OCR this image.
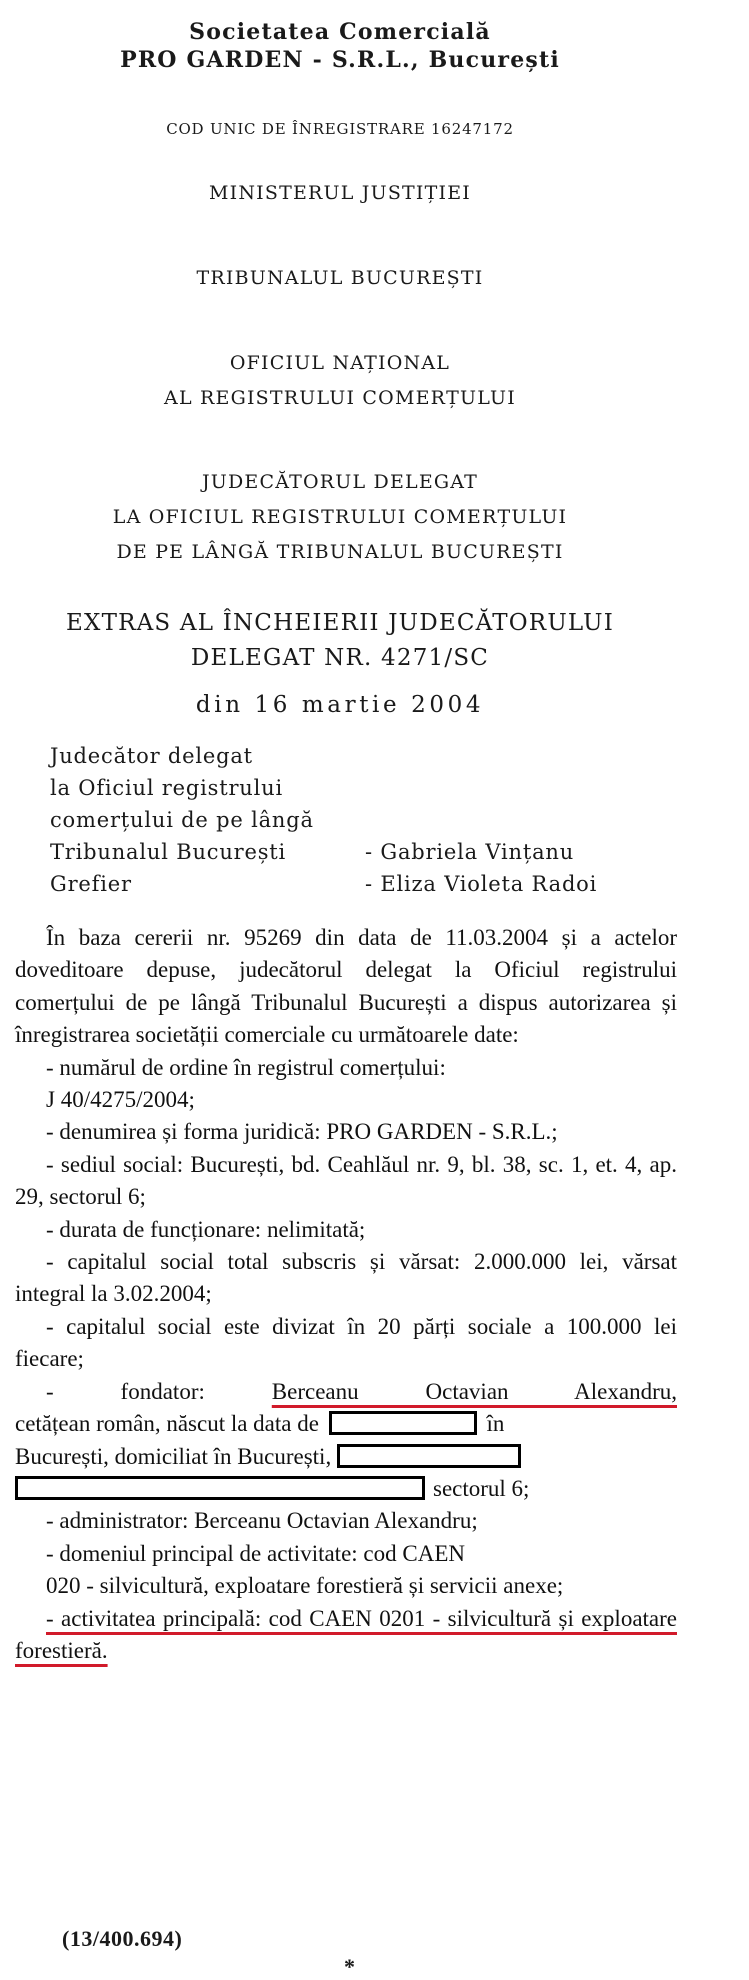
Societatea Comercială
PRO GARDEN - S.R.L., București
COD UNIC DE ÎNREGISTRARE 16247172
MINISTERUL JUSTIȚIEI
TRIBUNALUL BUCUREȘTI
OFICIUL NAȚIONAL
AL REGISTRULUI COMERȚULUI
JUDECĂTORUL DELEGAT
LA OFICIUL REGISTRULUI COMERȚULUI
DE PE LÂNGĂ TRIBUNALUL BUCUREȘTI
EXTRAS AL ÎNCHEIERII JUDECĂTORULUI
DELEGAT NR. 4271/SC
din 16 martie 2004
Judecător delegat
la Oficiul registrului
comerțului de pe lângă
Tribunalul București	- Gabriela Vințanu
Grefier	- Eliza Violeta Radoi

În baza cererii nr. 95269 din data de 11.03.2004 și a actelor doveditoare depuse, judecătorul delegat la Oficiul registrului comerțului de pe lângă Tribunalul București a dispus autorizarea și înregistrarea societății comerciale cu următoarele date:

- numărul de ordine în registrul comerțului:

J 40/4275/2004;

- denumirea și forma juridică: PRO GARDEN - S.R.L.;

- sediul social: București, bd. Ceahlăul nr. 9, bl. 38, sc. 1, et. 4, ap. 29, sectorul 6;

- durata de funcționare: nelimitată;

- capitalul social total subscris și vărsat: 2.000.000 lei, vărsat integral la 3.02.2004;

- capitalul social este divizat în 20 părți sociale a 100.000 lei fiecare;

- fondator:	Berceanu Octavian Alexandru,

cetățean român, născut la data de	în

București, domiciliat în București,

sectorul 6;

- administrator: Berceanu Octavian Alexandru;

- domeniul principal de activitate: cod CAEN

020 - silvicultură, exploatare forestieră și servicii anexe;

- activitatea principală: cod CAEN 0201 - silvicultură și exploatare forestieră.

(13/400.694)
*
